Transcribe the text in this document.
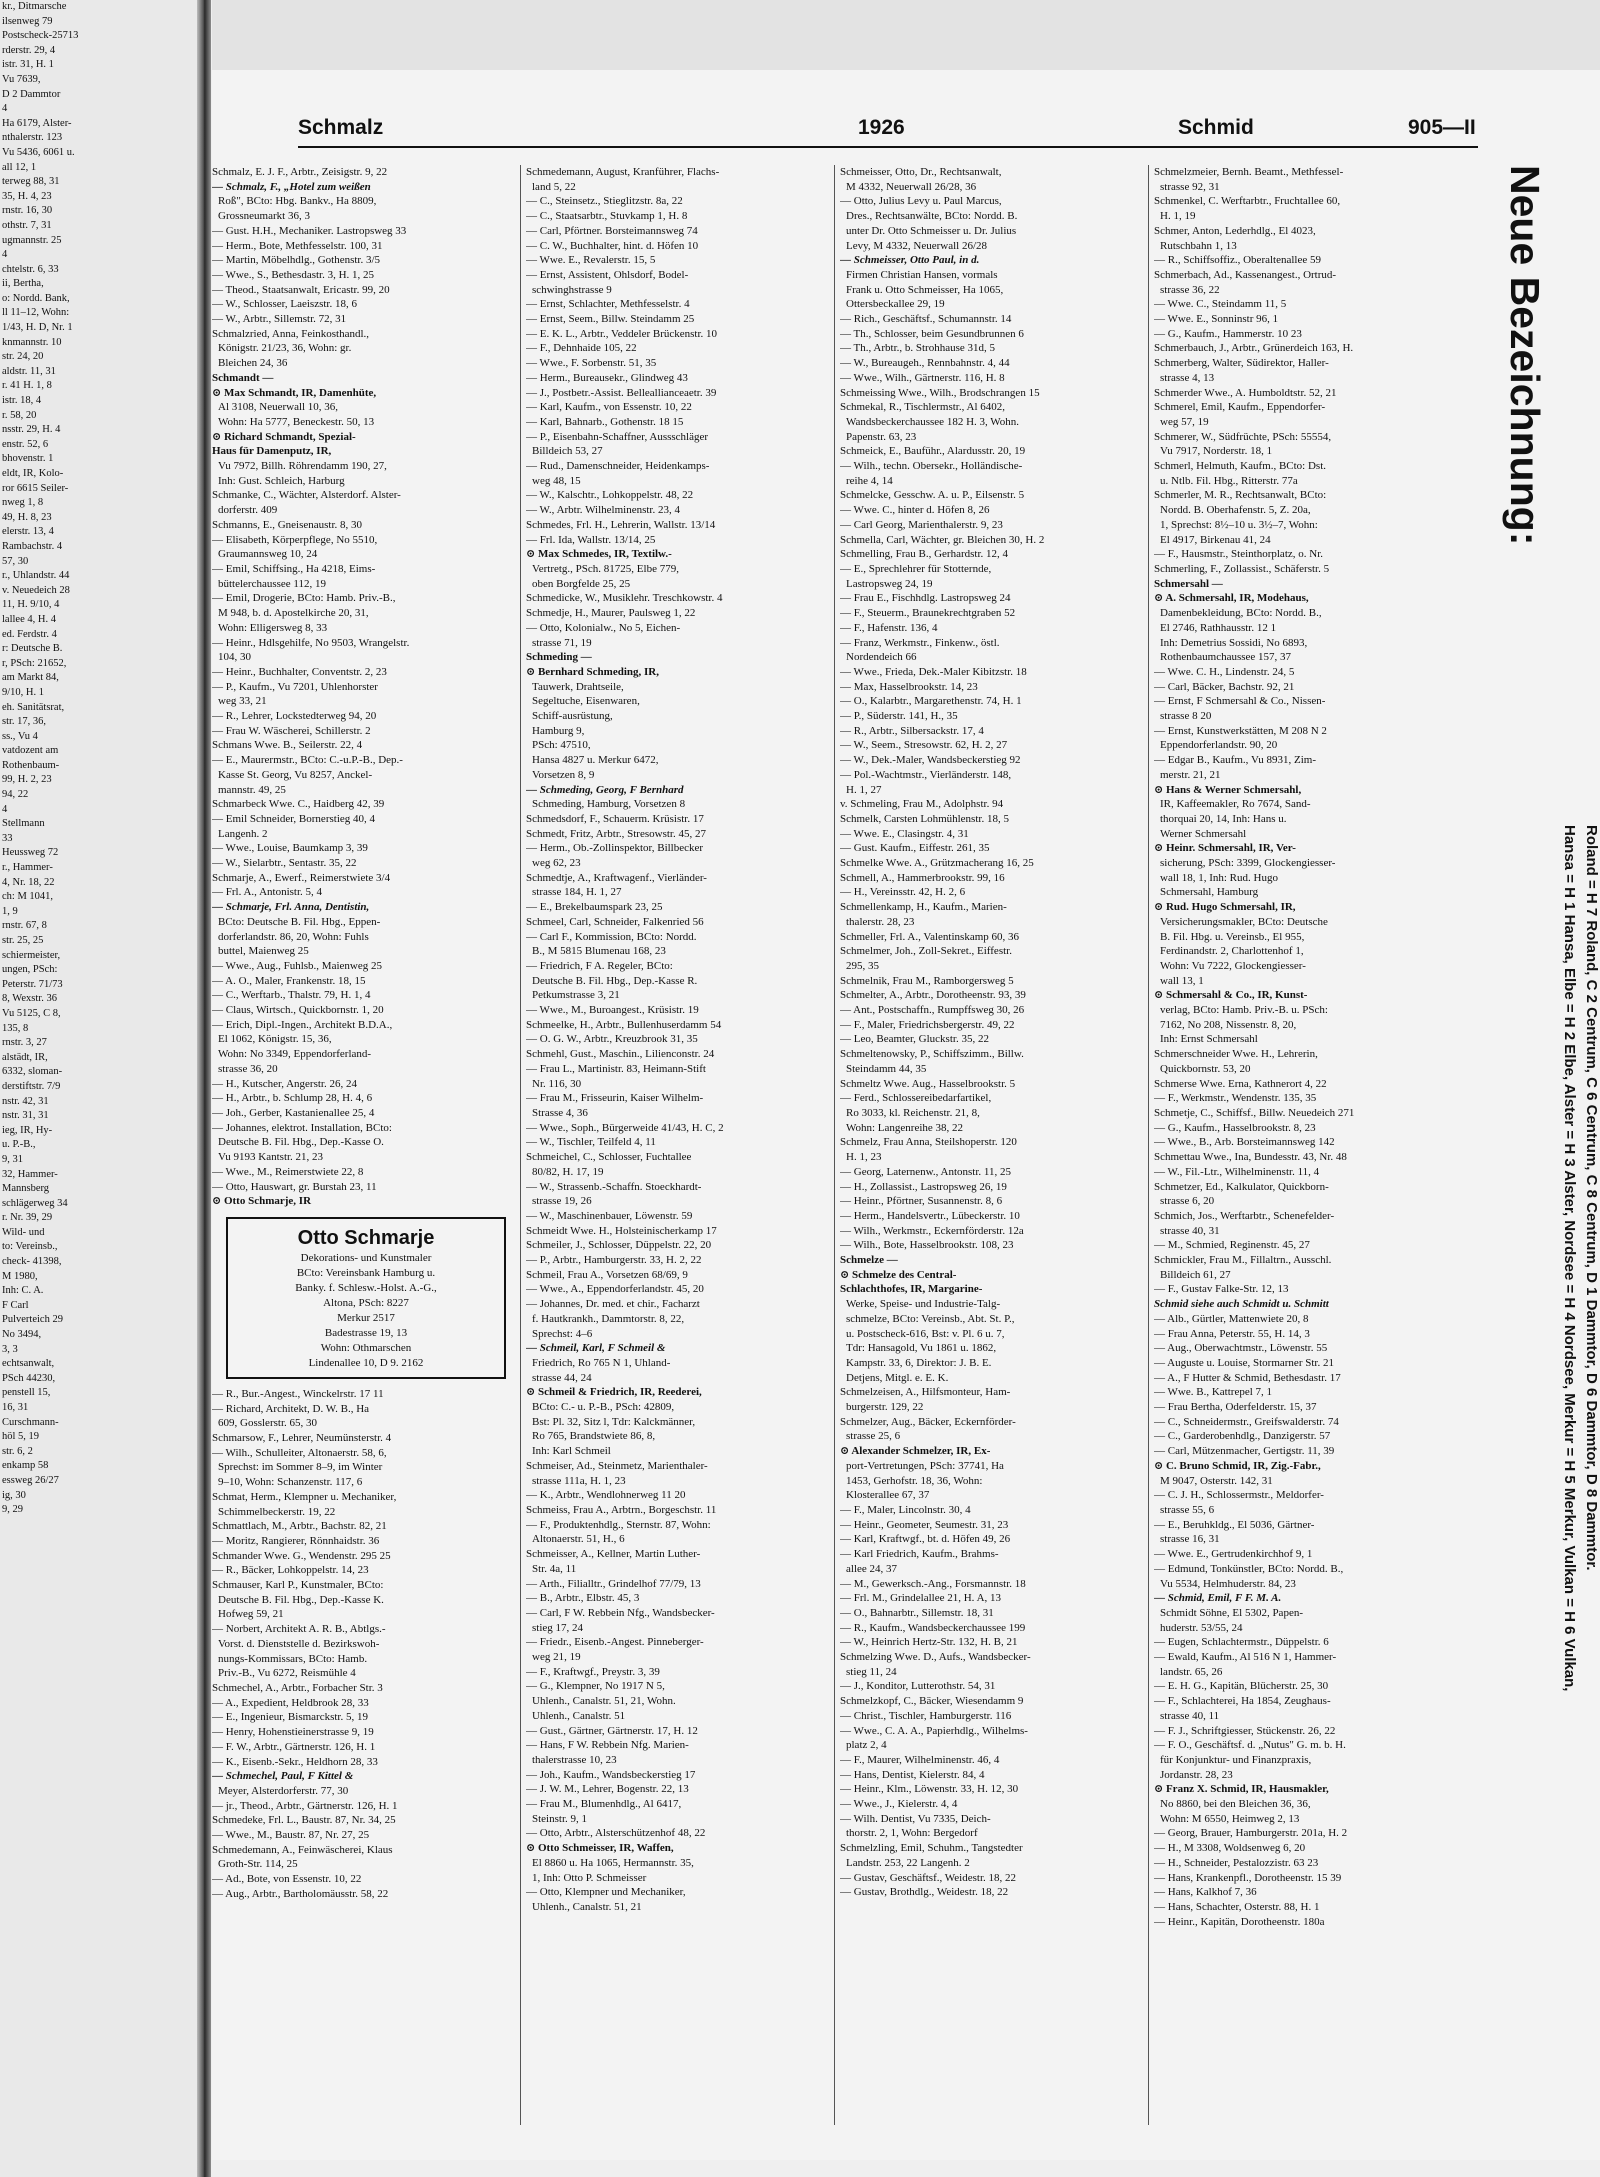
kr., Ditmarsche
ilsenweg 79
Postscheck-25713
rderstr. 29, 4
istr. 31, H. 1
Vu 7639,
D 2 Dammtor
4
Ha 6179, Alster-
nthalerstr. 123
Vu 5436, 6061 u.
all 12, 1
terweg 88, 31
35, H. 4, 23
rnstr. 16, 30
othstr. 7, 31
ugmannstr. 25
4
chtelstr. 6, 33
ii, Bertha,
o: Nordd. Bank,
ll 11–12, Wohn:
1/43, H. D, Nr. 1
knmannstr. 10
str. 24, 20
aldstr. 11, 31
r. 41 H. 1, 8
istr. 18, 4
r. 58, 20
nsstr. 29, H. 4
enstr. 52, 6
bhovenstr. 1
eldt, IR, Kolo-
ror 6615 Seiler-
nweg 1, 8
49, H. 8, 23
elerstr. 13, 4
Rambachstr. 4
57, 30
r., Uhlandstr. 44
v. Neuedeich 28
11, H. 9/10, 4
lallee 4, H. 4
ed. Ferdstr. 4
r: Deutsche B.
r, PSch: 21652,
am Markt 84,
9/10, H. 1
eh. Sanitätsrat,
str. 17, 36,
ss., Vu 4
vatdozent am
Rothenbaum-
99, H. 2, 23
94, 22
4
Stellmann
33
Heussweg 72
r., Hammer-
4, Nr. 18, 22
ch: M 1041,
1, 9
rnstr. 67, 8
str. 25, 25
schiermeister,
ungen, PSch:
Peterstr. 71/73
8, Wexstr. 36
Vu 5125, C 8,
135, 8
rnstr. 3, 27
alstädt, IR,
6332, sloman-
derstiftstr. 7/9
nstr. 42, 31
nstr. 31, 31
ieg, IR, Hy-
u. P.-B.,
9, 31
32, Hammer-
Mannsberg
schlägerweg 34
r. Nr. 39, 29
Wild- und
to: Vereinsb.,
check- 41398,
M 1980,
Inh: C. A.
F Carl
Pulverteich 29
No 3494,
3, 3
echtsanwalt,
PSch 44230,
penstell 15,
16, 31
Curschmann-
höl 5, 19
str. 6, 2
enkamp 58
essweg 26/27
ig, 30
9, 29
Schmalz	1926	Schmid	905—II
Schmalz, E. J. F., Arbtr., Zeisigstr. 9, 22
— Schmalz, F., „Hotel zum weißen
Roß", BCto: Hbg. Bankv., Ha 8809,
Grossneumarkt 36, 3
— Gust. H.H., Mechaniker. Lastropsweg 33
— Herm., Bote, Methfesselstr. 100, 31
— Martin, Möbelhdlg., Gothenstr. 3/5
— Wwe., S., Bethesdastr. 3, H. 1, 25
— Theod., Staatsanwalt, Ericastr. 99, 20
— W., Schlosser, Laeiszstr. 18, 6
— W., Arbtr., Sillemstr. 72, 31
Schmalzried, Anna, Feinkosthandl.,
Königstr. 21/23, 36, Wohn: gr.
Bleichen 24, 36
Schmandt —
⊙ Max Schmandt, IR, Damenhüte,
Al 3108, Neuerwall 10, 36,
Wohn: Ha 5777, Beneckestr. 50, 13
⊙ Richard Schmandt, Spezial-
Haus für Damenputz, IR,
Vu 7972, Billh. Röhrendamm 190, 27,
Inh: Gust. Schleich, Harburg
Schmanke, C., Wächter, Alsterdorf. Alster-
dorferstr. 409
Schmanns, E., Gneisenaustr. 8, 30
— Elisabeth, Körperpflege, No 5510,
Graumannsweg 10, 24
— Emil, Schiffsing., Ha 4218, Eims-
büttelerchaussee 112, 19
— Emil, Drogerie, BCto: Hamb. Priv.-B.,
M 948, b. d. Apostelkirche 20, 31,
Wohn: Elligersweg 8, 33
— Heinr., Hdlsgehilfe, No 9503, Wrangelstr.
104, 30
— Heinr., Buchhalter, Conventstr. 2, 23
— P., Kaufm., Vu 7201, Uhlenhorster
weg 33, 21
— R., Lehrer, Lockstedterweg 94, 20
— Frau W. Wäscherei, Schillerstr. 2
Schmans Wwe. B., Seilerstr. 22, 4
— E., Maurermstr., BCto: C.-u.P.-B., Dep.-
Kasse St. Georg, Vu 8257, Anckel-
mannstr. 49, 25
Schmarbeck Wwe. C., Haidberg 42, 39
— Emil Schneider, Bornerstieg 40, 4
Langenh. 2
— Wwe., Louise, Baumkamp 3, 39
— W., Sielarbtr., Sentastr. 35, 22
Schmarje, A., Ewerf., Reimerstwiete 3/4
— Frl. A., Antonistr. 5, 4
— Schmarje, Frl. Anna, Dentistin,
BCto: Deutsche B. Fil. Hbg., Eppen-
dorferlandstr. 86, 20, Wohn: Fuhls
buttel, Maienweg 25
— Wwe., Aug., Fuhlsb., Maienweg 25
— A. O., Maler, Frankenstr. 18, 15
— C., Werftarb., Thalstr. 79, H. 1, 4
— Claus, Wirtsch., Quickbornstr. 1, 20
— Erich, Dipl.-Ingen., Architekt B.D.A.,
El 1062, Königstr. 15, 36,
Wohn: No 3349, Eppendorferland-
strasse 36, 20
— H., Kutscher, Angerstr. 26, 24
— H., Arbtr., b. Schlump 28, H. 4, 6
— Joh., Gerber, Kastanienallee 25, 4
— Johannes, elektrot. Installation, BCto:
Deutsche B. Fil. Hbg., Dep.-Kasse O.
Vu 9193 Kantstr. 21, 23
— Wwe., M., Reimerstwiete 22, 8
— Otto, Hauswart, gr. Burstah 23, 11
⊙ Otto Schmarje, IR
Otto Schmarje
Dekorations- und Kunstmaler
BCto: Vereinsbank Hamburg u.
Banky. f. Schlesw.-Holst. A.-G.,
Altona, PSch: 8227
Merkur 2517
Badestrasse 19, 13
Wohn: Othmarschen
Lindenallee 10, D 9. 2162
— R., Bur.-Angest., Winckelrstr. 17 11
— Richard, Architekt, D. W. B., Ha
609, Gosslerstr. 65, 30
Schmarsow, F., Lehrer, Neumünsterstr. 4
— Wilh., Schulleiter, Altonaerstr. 58, 6,
Sprechst: im Sommer 8–9, im Winter
9–10, Wohn: Schanzenstr. 117, 6
Schmat, Herm., Klempner u. Mechaniker,
Schimmelbeckerstr. 19, 22
Schmattlach, M., Arbtr., Bachstr. 82, 21
— Moritz, Rangierer, Rönnhaidstr. 36
Schmander Wwe. G., Wendenstr. 295 25
— R., Bäcker, Lohkoppelstr. 14, 23
Schmauser, Karl P., Kunstmaler, BCto:
Deutsche B. Fil. Hbg., Dep.-Kasse K.
Hofweg 59, 21
— Norbert, Architekt A. R. B., Abtlgs.-
Vorst. d. Dienststelle d. Bezirkswoh-
nungs-Kommissars, BCto: Hamb.
Priv.-B., Vu 6272, Reismühle 4
Schmechel, A., Arbtr., Forbacher Str. 3
— A., Expedient, Heldbrook 28, 33
— E., Ingenieur, Bismarckstr. 5, 19
— Henry, Hohenstieinerstrasse 9, 19
— F. W., Arbtr., Gärtnerstr. 126, H. 1
— K., Eisenb.-Sekr., Heldhorn 28, 33
— Schmechel, Paul, F Kittel &
Meyer, Alsterdorferstr. 77, 30
— jr., Theod., Arbtr., Gärtnerstr. 126, H. 1
Schmedeke, Frl. L., Baustr. 87, Nr. 34, 25
— Wwe., M., Baustr. 87, Nr. 27, 25
Schmedemann, A., Feinwäscherei, Klaus
Groth-Str. 114, 25
— Ad., Bote, von Essenstr. 10, 22
— Aug., Arbtr., Bartholomäusstr. 58, 22
Schmedemann, August, Kranführer, Flachs-
land 5, 22
— C., Steinsetz., Stieglitzstr. 8a, 22
— C., Staatsarbtr., Stuvkamp 1, H. 8
— Carl, Pförtner. Borsteimannsweg 74
— C. W., Buchhalter, hint. d. Höfen 10
— Wwe. E., Revalerstr. 15, 5
— Ernst, Assistent, Ohlsdorf, Bodel-
schwinghstrasse 9
— Ernst, Schlachter, Methfesselstr. 4
— Ernst, Seem., Billw. Steindamm 25
— E. K. L., Arbtr., Veddeler Brückenstr. 10
— F., Dehnhaide 105, 22
— Wwe., F. Sorbenstr. 51, 35
— Herm., Bureausekr., Glindweg 43
— J., Postbetr.-Assist. Belleallianceaetr. 39
— Karl, Kaufm., von Essenstr. 10, 22
— Karl, Bahnarb., Gothenstr. 18 15
— P., Eisenbahn-Schaffner, Aussschläger
Billdeich 53, 27
— Rud., Damenschneider, Heidenkamps-
weg 48, 15
— W., Kalschtr., Lohkoppelstr. 48, 22
— W., Arbtr. Wilhelminenstr. 23, 4
Schmedes, Frl. H., Lehrerin, Wallstr. 13/14
— Frl. Ida, Wallstr. 13/14, 25
⊙ Max Schmedes, IR, Textilw.-
Vertretg., PSch. 81725, Elbe 779,
oben Borgfelde 25, 25
Schmedicke, W., Musiklehr. Treschkowstr. 4
Schmedje, H., Maurer, Paulsweg 1, 22
— Otto, Kolonialw., No 5, Eichen-
strasse 71, 19
Schmeding —
⊙ Bernhard Schmeding, IR,
Tauwerk, Drahtseile,
Segeltuche, Eisenwaren,
Schiff-ausrüstung,
Hamburg 9,
PSch: 47510,
Hansa 4827 u. Merkur 6472,
Vorsetzen 8, 9
— Schmeding, Georg, F Bernhard
Schmeding, Hamburg, Vorsetzen 8
Schmedsdorf, F., Schauerm. Krüsistr. 17
Schmedt, Fritz, Arbtr., Stresowstr. 45, 27
— Herm., Ob.-Zollinspektor, Billbecker
weg 62, 23
Schmedtje, A., Kraftwagenf., Vierländer-
strasse 184, H. 1, 27
— E., Brekelbaumspark 23, 25
Schmeel, Carl, Schneider, Falkenried 56
— Carl F., Kommission, BCto: Nordd.
B., M 5815 Blumenau 168, 23
— Friedrich, F A. Regeler, BCto:
Deutsche B. Fil. Hbg., Dep.-Kasse R.
Petkumstrasse 3, 21
— Wwe., M., Buroangest., Krüsistr. 19
Schmeelke, H., Arbtr., Bullenhuserdamm 54
— O. G. W., Arbtr., Kreuzbrook 31, 35
Schmehl, Gust., Maschin., Lilienconstr. 24
— Frau L., Martinistr. 83, Heimann-Stift
Nr. 116, 30
— Frau M., Frisseurin, Kaiser Wilhelm-
Strasse 4, 36
— Wwe., Soph., Bürgerweide 41/43, H. C, 2
— W., Tischler, Teilfeld 4, 11
Schmeichel, C., Schlosser, Fuchtallee
80/82, H. 17, 19
— W., Strassenb.-Schaffn. Stoeckhardt-
strasse 19, 26
— W., Maschinenbauer, Löwenstr. 59
Schmeidt Wwe. H., Holsteinischerkamp 17
Schmeiler, J., Schlosser, Düppelstr. 22, 20
— P., Arbtr., Hamburgerstr. 33, H. 2, 22
Schmeil, Frau A., Vorsetzen 68/69, 9
— Wwe., A., Eppendorferlandstr. 45, 20
— Johannes, Dr. med. et chir., Facharzt
f. Hautkrankh., Dammtorstr. 8, 22,
Sprechst: 4–6
— Schmeil, Karl, F Schmeil &
Friedrich, Ro 765 N 1, Uhland-
strasse 44, 24
⊙ Schmeil & Friedrich, IR, Reederei,
BCto: C.- u. P.-B., PSch: 42809,
Bst: Pl. 32, Sitz l, Tdr: Kalckmänner,
Ro 765, Brandstwiete 86, 8,
Inh: Karl Schmeil
Schmeiser, Ad., Steinmetz, Marienthaler-
strasse 111a, H. 1, 23
— K., Arbtr., Wendlohnerweg 11 20
Schmeiss, Frau A., Arbtrn., Borgeschstr. 11
— F., Produktenhdlg., Sternstr. 87, Wohn:
Altonaerstr. 51, H., 6
Schmeisser, A., Kellner, Martin Luther-
Str. 4a, 11
— Arth., Filialltr., Grindelhof 77/79, 13
— B., Arbtr., Elbstr. 45, 3
— Carl, F W. Rebbein Nfg., Wandsbecker-
stieg 17, 24
— Friedr., Eisenb.-Angest. Pinneberger-
weg 21, 19
— F., Kraftwgf., Preystr. 3, 39
— G., Klempner, No 1917 N 5,
Uhlenh., Canalstr. 51, 21, Wohn.
Uhlenh., Canalstr. 51
— Gust., Gärtner, Gärtnerstr. 17, H. 12
— Hans, F W. Rebbein Nfg. Marien-
thalerstrasse 10, 23
— Joh., Kaufm., Wandsbeckerstieg 17
— J. W. M., Lehrer, Bogenstr. 22, 13
— Frau M., Blumenhdlg., Al 6417,
Steinstr. 9, 1
— Otto, Arbtr., Alsterschützenhof 48, 22
⊙ Otto Schmeisser, IR, Waffen,
El 8860 u. Ha 1065, Hermannstr. 35,
1, Inh: Otto P. Schmeisser
— Otto, Klempner und Mechaniker,
Uhlenh., Canalstr. 51, 21
Schmeisser, Otto, Dr., Rechtsanwalt,
M 4332, Neuerwall 26/28, 36
— Otto, Julius Levy u. Paul Marcus,
Dres., Rechtsanwälte, BCto: Nordd. B.
unter Dr. Otto Schmeisser u. Dr. Julius
Levy, M 4332, Neuerwall 26/28
— Schmeisser, Otto Paul, in d.
Firmen Christian Hansen, vormals
Frank u. Otto Schmeisser, Ha 1065,
Ottersbeckallee 29, 19
— Rich., Geschäftsf., Schumannstr. 14
— Th., Schlosser, beim Gesundbrunnen 6
— Th., Arbtr., b. Strohhause 31d, 5
— W., Bureaugeh., Rennbahnstr. 4, 44
— Wwe., Wilh., Gärtnerstr. 116, H. 8
Schmeissing Wwe., Wilh., Brodschrangen 15
Schmekal, R., Tischlermstr., Al 6402,
Wandsbeckerchaussee 182 H. 3, Wohn.
Papenstr. 63, 23
Schmeick, E., Bauführ., Alardusstr. 20, 19
— Wilh., techn. Obersekr., Holländische-
reihe 4, 14
Schmelcke, Gesschw. A. u. P., Eilsenstr. 5
— Wwe. C., hinter d. Höfen 8, 26
— Carl Georg, Marienthalerstr. 9, 23
Schmella, Carl, Wächter, gr. Bleichen 30, H. 2
Schmelling, Frau B., Gerhardstr. 12, 4
— E., Sprechlehrer für Stotternde,
Lastropsweg 24, 19
— Frau E., Fischhdlg. Lastropsweg 24
— F., Steuerm., Braunekrechtgraben 52
— F., Hafenstr. 136, 4
— Franz, Werkmstr., Finkenw., östl.
Nordendeich 66
— Wwe., Frieda, Dek.-Maler Kibitzstr. 18
— Max, Hasselbrookstr. 14, 23
— O., Kalarbtr., Margarethenstr. 74, H. 1
— P., Süderstr. 141, H., 35
— R., Arbtr., Silbersackstr. 17, 4
— W., Seem., Stresowstr. 62, H. 2, 27
— W., Dek.-Maler, Wandsbeckerstieg 92
— Pol.-Wachtmstr., Vierländerstr. 148,
H. 1, 27
v. Schmeling, Frau M., Adolphstr. 94
Schmelk, Carsten Lohmühlenstr. 18, 5
— Wwe. E., Clasingstr. 4, 31
— Gust. Kaufm., Eiffestr. 261, 35
Schmelke Wwe. A., Grützmacherang 16, 25
Schmell, A., Hammerbrookstr. 99, 16
— H., Vereinsstr. 42, H. 2, 6
Schmellenkamp, H., Kaufm., Marien-
thalerstr. 28, 23
Schmeller, Frl. A., Valentinskamp 60, 36
Schmelmer, Joh., Zoll-Sekret., Eiffestr.
295, 35
Schmelnik, Frau M., Ramborgersweg 5
Schmelter, A., Arbtr., Dorotheenstr. 93, 39
— Ant., Postschaffn., Rumpffsweg 30, 26
— F., Maler, Friedrichsbergerstr. 49, 22
— Leo, Beamter, Gluckstr. 35, 22
Schmeltenowsky, P., Schiffszimm., Billw.
Steindamm 44, 35
Schmeltz Wwe. Aug., Hasselbrookstr. 5
— Ferd., Schlossereibedarfartikel,
Ro 3033, kl. Reichenstr. 21, 8,
Wohn: Langenreihe 38, 22
Schmelz, Frau Anna, Steilshoperstr. 120
H. 1, 23
— Georg, Laternenw., Antonstr. 11, 25
— H., Zollassist., Lastropsweg 26, 19
— Heinr., Pförtner, Susannenstr. 8, 6
— Herm., Handelsvertr., Lübeckerstr. 10
— Wilh., Werkmstr., Eckernförderstr. 12a
— Wilh., Bote, Hasselbrookstr. 108, 23
Schmelze —
⊙ Schmelze des Central-
Schlachthofes, IR, Margarine-
Werke, Speise- und Industrie-Talg-
schmelze, BCto: Vereinsb., Abt. St. P.,
u. Postscheck-616, Bst: v. Pl. 6 u. 7,
Tdr: Hansagold, Vu 1861 u. 1862,
Kampstr. 33, 6, Direktor: J. B. E.
Detjens, Mitgl. e. E. K.
Schmelzeisen, A., Hilfsmonteur, Ham-
burgerstr. 129, 22
Schmelzer, Aug., Bäcker, Eckernförder-
strasse 25, 6
⊙ Alexander Schmelzer, IR, Ex-
port-Vertretungen, PSch: 37741, Ha
1453, Gerhofstr. 18, 36, Wohn:
Klosterallee 67, 37
— F., Maler, Lincolnstr. 30, 4
— Heinr., Geometer, Seumestr. 31, 23
— Karl, Kraftwgf., bt. d. Höfen 49, 26
— Karl Friedrich, Kaufm., Brahms-
allee 24, 37
— M., Gewerksch.-Ang., Forsmannstr. 18
— Frl. M., Grindelallee 21, H. A, 13
— O., Bahnarbtr., Sillemstr. 18, 31
— R., Kaufm., Wandsbeckerchaussee 199
— W., Heinrich Hertz-Str. 132, H. B, 21
Schmelzing Wwe. D., Aufs., Wandsbecker-
stieg 11, 24
— J., Konditor, Lutterothstr. 54, 31
Schmelzkopf, C., Bäcker, Wiesendamm 9
— Christ., Tischler, Hamburgerstr. 116
— Wwe., C. A. A., Papierhdlg., Wilhelms-
platz 2, 4
— F., Maurer, Wilhelminenstr. 46, 4
— Hans, Dentist, Kielerstr. 84, 4
— Heinr., Klm., Löwenstr. 33, H. 12, 30
— Wwe., J., Kielerstr. 4, 4
— Wilh. Dentist, Vu 7335, Deich-
thorstr. 2, 1, Wohn: Bergedorf
Schmelzling, Emil, Schuhm., Tangstedter
Landstr. 253, 22 Langenh. 2
— Gustav, Geschäftsf., Weidestr. 18, 22
— Gustav, Brothdlg., Weidestr. 18, 22
Schmelzmeier, Bernh. Beamt., Methfessel-
strasse 92, 31
Schmenkel, C. Werftarbtr., Fruchtallee 60,
H. 1, 19
Schmer, Anton, Lederhdlg., El 4023,
Rutschbahn 1, 13
— R., Schiffsoffiz., Oberaltenallee 59
Schmerbach, Ad., Kassenangest., Ortrud-
strasse 36, 22
— Wwe. C., Steindamm 11, 5
— Wwe. E., Sonninstr 96, 1
— G., Kaufm., Hammerstr. 10 23
Schmerbauch, J., Arbtr., Grünerdeich 163, H.
Schmerberg, Walter, Südirektor, Haller-
strasse 4, 13
Schmerder Wwe., A. Humboldtstr. 52, 21
Schmerel, Emil, Kaufm., Eppendorfer-
weg 57, 19
Schmerer, W., Südfrüchte, PSch: 55554,
Vu 7917, Norderstr. 18, 1
Schmerl, Helmuth, Kaufm., BCto: Dst.
u. Ntlb. Fil. Hbg., Ritterstr. 77a
Schmerler, M. R., Rechtsanwalt, BCto:
Nordd. B. Oberhafenstr. 5, Z. 20a,
1, Sprechst: 8½–10 u. 3½–7, Wohn:
El 4917, Birkenau 41, 24
— F., Hausmstr., Steinthorplatz, o. Nr.
Schmerling, F., Zollassist., Schäferstr. 5
Schmersahl —
⊙ A. Schmersahl, IR, Modehaus,
Damenbekleidung, BCto: Nordd. B.,
El 2746, Rathhausstr. 12 1
Inh: Demetrius Sossidi, No 6893,
Rothenbaumchaussee 157, 37
— Wwe. C. H., Lindenstr. 24, 5
— Carl, Bäcker, Bachstr. 92, 21
— Ernst, F Schmersahl & Co., Nissen-
strasse 8 20
— Ernst, Kunstwerkstätten, M 208 N 2
Eppendorferlandstr. 90, 20
— Edgar B., Kaufm., Vu 8931, Zim-
merstr. 21, 21
⊙ Hans & Werner Schmersahl,
IR, Kaffeemakler, Ro 7674, Sand-
thorquai 20, 14, Inh: Hans u.
Werner Schmersahl
⊙ Heinr. Schmersahl, IR, Ver-
sicherung, PSch: 3399, Glockengiesser-
wall 18, 1, Inh: Rud. Hugo
Schmersahl, Hamburg
⊙ Rud. Hugo Schmersahl, IR,
Versicherungsmakler, BCto: Deutsche
B. Fil. Hbg. u. Vereinsb., El 955,
Ferdinandstr. 2, Charlottenhof 1,
Wohn: Vu 7222, Glockengiesser-
wall 13, 1
⊙ Schmersahl & Co., IR, Kunst-
verlag, BCto: Hamb. Priv.-B. u. PSch:
7162, No 208, Nissenstr. 8, 20,
Inh: Ernst Schmersahl
Schmerschneider Wwe. H., Lehrerin,
Quickbornstr. 53, 20
Schmerse Wwe. Erna, Kathnerort 4, 22
— F., Werkmstr., Wendenstr. 135, 35
Schmetje, C., Schiffsf., Billw. Neuedeich 271
— G., Kaufm., Hasselbrookstr. 8, 23
— Wwe., B., Arb. Borsteimannsweg 142
Schmettau Wwe., Ina, Bundesstr. 43, Nr. 48
— W., Fil.-Ltr., Wilhelminenstr. 11, 4
Schmetzer, Ed., Kalkulator, Quickborn-
strasse 6, 20
Schmich, Jos., Werftarbtr., Schenefelder-
strasse 40, 31
— M., Schmied, Reginenstr. 45, 27
Schmickler, Frau M., Fillaltrn., Ausschl.
Billdeich 61, 27
— F., Gustav Falke-Str. 12, 13
Schmid siehe auch Schmidt u. Schmitt
— Alb., Gürtler, Mattenwiete 20, 8
— Frau Anna, Peterstr. 55, H. 14, 3
— Aug., Oberwachtmstr., Löwenstr. 55
— Auguste u. Louise, Stormarner Str. 21
— A., F Hutter & Schmid, Bethesdastr. 17
— Wwe. B., Kattrepel 7, 1
— Frau Bertha, Oderfelderstr. 15, 37
— C., Schneidermstr., Greifswalderstr. 74
— C., Garderobenhdlg., Danzigerstr. 57
— Carl, Mützenmacher, Gertigstr. 11, 39
⊙ C. Bruno Schmid, IR, Zig.-Fabr.,
M 9047, Osterstr. 142, 31
— C. J. H., Schlossermstr., Meldorfer-
strasse 55, 6
— E., Beruhkldg., El 5036, Gärtner-
strasse 16, 31
— Wwe. E., Gertrudenkirchhof 9, 1
— Edmund, Tonkünstler, BCto: Nordd. B.,
Vu 5534, Helmhuderstr. 84, 23
— Schmid, Emil, F F. M. A.
Schmidt Söhne, El 5302, Papen-
huderstr. 53/55, 24
— Eugen, Schlachtermstr., Düppelstr. 6
— Ewald, Kaufm., Al 516 N 1, Hammer-
landstr. 65, 26
— E. H. G., Kapitän, Blücherstr. 25, 30
— F., Schlachterei, Ha 1854, Zeughaus-
strasse 40, 11
— F. J., Schriftgiesser, Stückenstr. 26, 22
— F. O., Geschäftsf. d. „Nutus" G. m. b. H.
für Konjunktur- und Finanzpraxis,
Jordanstr. 28, 23
⊙ Franz X. Schmid, IR, Hausmakler,
No 8860, bei den Bleichen 36, 36,
Wohn: M 6550, Heimweg 2, 13
— Georg, Brauer, Hamburgerstr. 201a, H. 2
— H., M 3308, Woldsenweg 6, 20
— H., Schneider, Pestalozzistr. 63 23
— Hans, Krankenpfl., Dorotheenstr. 15 39
— Hans, Kalkhof 7, 36
— Hans, Schachter, Osterstr. 88, H. 1
— Heinr., Kapitän, Dorotheenstr. 180a
Neue Bezeichnung:
Hansa = H 1 Hansa, Elbe = H 2 Elbe, Alster = H 3 Alster, Nordsee = H 4 Nordsee, Merkur = H 5 Merkur, Vulkan = H 6 Vulkan, Roland = H 7 Roland, C 2 Centrum, C 6 Centrum, C 8 Centrum, D 1 Dammtor, D 6 Dammtor, D 8 Dammtor.
